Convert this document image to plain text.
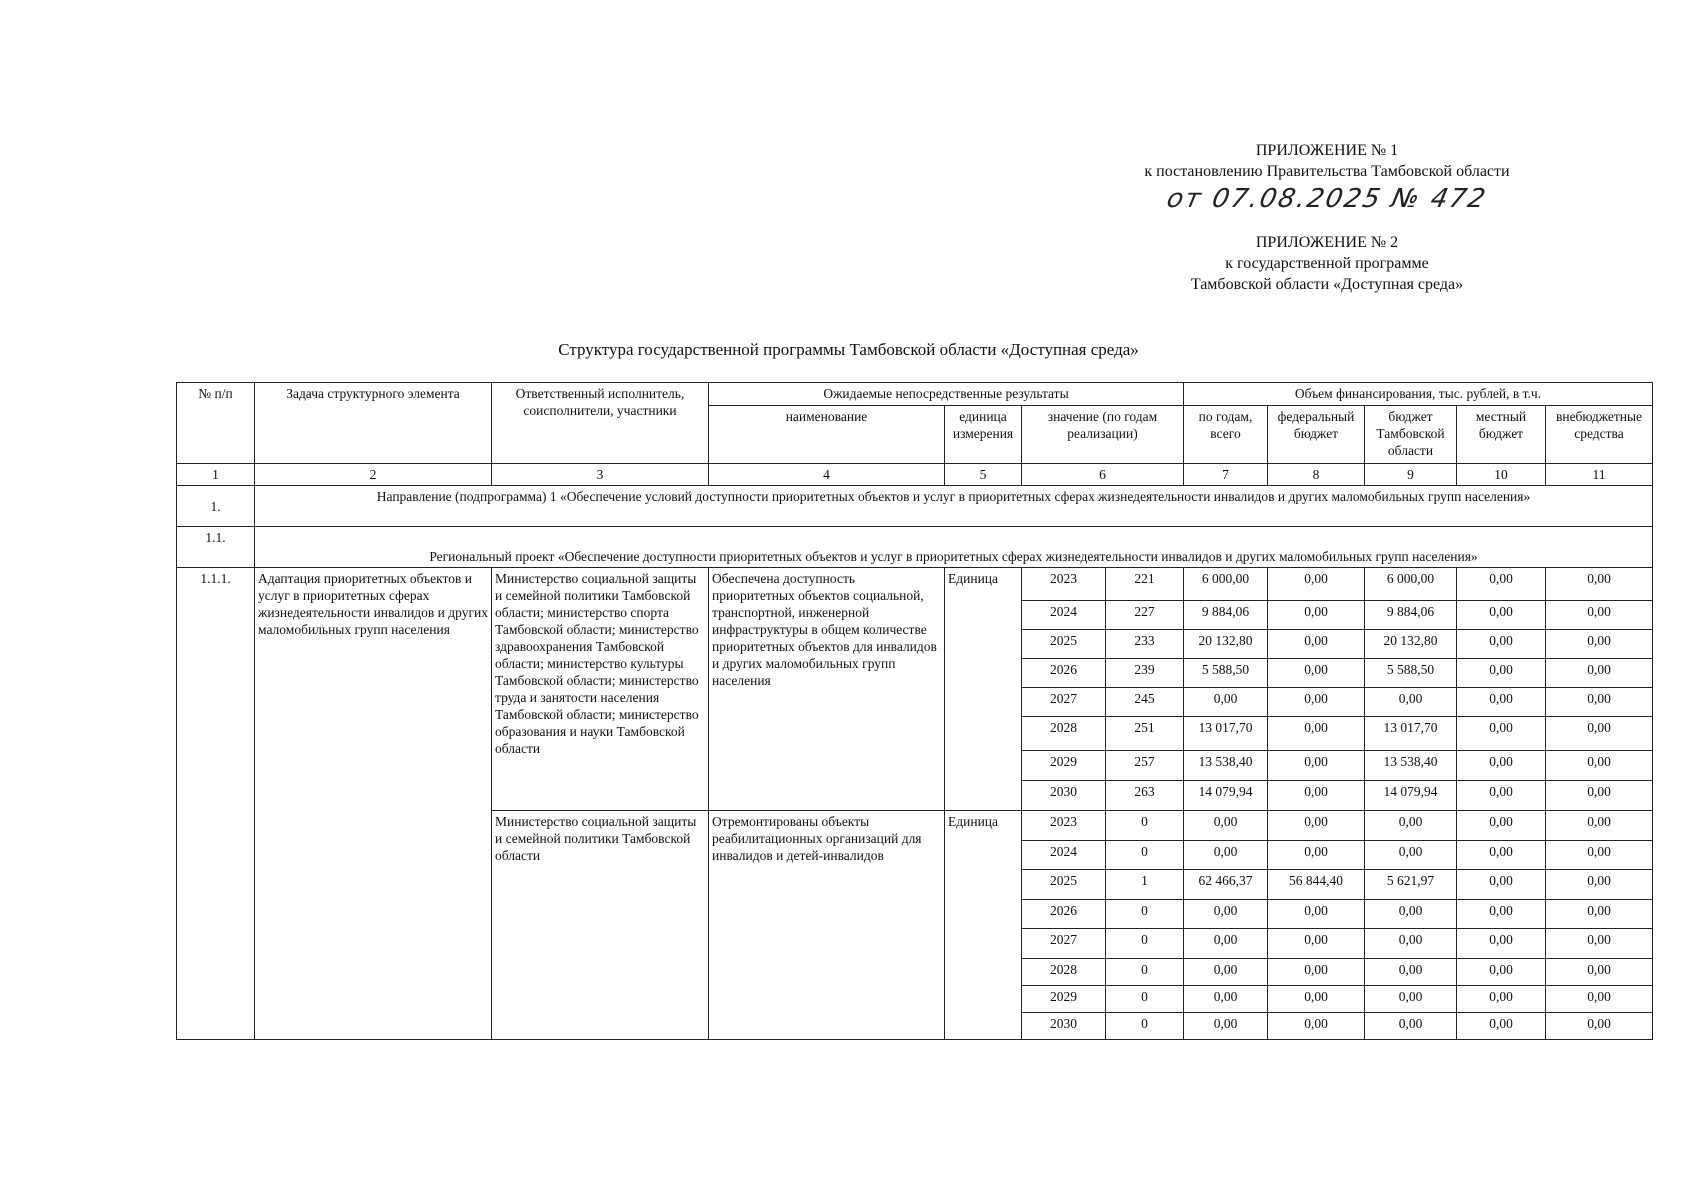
ПРИЛОЖЕНИЕ № 1
к постановлению Правительства Тамбовской области
от 07.08.2025 № 472
ПРИЛОЖЕНИЕ № 2
к государственной программе
Тамбовской области «Доступная среда»
Структура государственной программы Тамбовской области «Доступная среда»
№ п/п	Задача структурного элемента	Ответственный исполнитель, соисполнители, участники	Ожидаемые непосредственные результаты				Объем финансирования, тыс. рублей, в т.ч.				
			наименование	единица измерения	значение (по годам реализации)		по годам, всего	федеральный бюджет	бюджет Тамбовской области	местный бюджет	внебюджетные средства
1	2	3	4	5	6		7	8	9	10	11
1.	Направление (подпрограмма) 1 «Обеспечение условий доступности приоритетных объектов и услуг в приоритетных сферах жизнедеятельности инвалидов и других маломобильных групп населения»										
1.1.	Региональный проект «Обеспечение доступности приоритетных объектов и услуг в приоритетных сферах жизнедеятельности инвалидов и других маломобильных групп населения»										
1.1.1.	Адаптация приоритетных объектов и услуг в приоритетных сферах жизнедеятельности инвалидов и других маломобильных групп населения	Министерство социальной защиты и семейной политики Тамбовской области; министерство спорта Тамбовской области; министерство здравоохранения Тамбовской области; министерство культуры Тамбовской области; министерство труда и занятости населения Тамбовской области; министерство образования и науки Тамбовской области	Обеспечена доступность приоритетных объектов социальной, транспортной, инженерной инфраструктуры в общем количестве приоритетных объектов для инвалидов и других маломобильных групп населения	Единица	2023	221	6 000,00	0,00	6 000,00	0,00	0,00
					2024	227	9 884,06	0,00	9 884,06	0,00	0,00
					2025	233	20 132,80	0,00	20 132,80	0,00	0,00
					2026	239	5 588,50	0,00	5 588,50	0,00	0,00
					2027	245	0,00	0,00	0,00	0,00	0,00
					2028	251	13 017,70	0,00	13 017,70	0,00	0,00
					2029	257	13 538,40	0,00	13 538,40	0,00	0,00
					2030	263	14 079,94	0,00	14 079,94	0,00	0,00
		Министерство социальной защиты и семейной политики Тамбовской области	Отремонтированы объекты реабилитационных организаций для инвалидов и детей-инвалидов	Единица	2023	0	0,00	0,00	0,00	0,00	0,00
					2024	0	0,00	0,00	0,00	0,00	0,00
					2025	1	62 466,37	56 844,40	5 621,97	0,00	0,00
					2026	0	0,00	0,00	0,00	0,00	0,00
					2027	0	0,00	0,00	0,00	0,00	0,00
					2028	0	0,00	0,00	0,00	0,00	0,00
					2029	0	0,00	0,00	0,00	0,00	0,00
					2030	0	0,00	0,00	0,00	0,00	0,00
